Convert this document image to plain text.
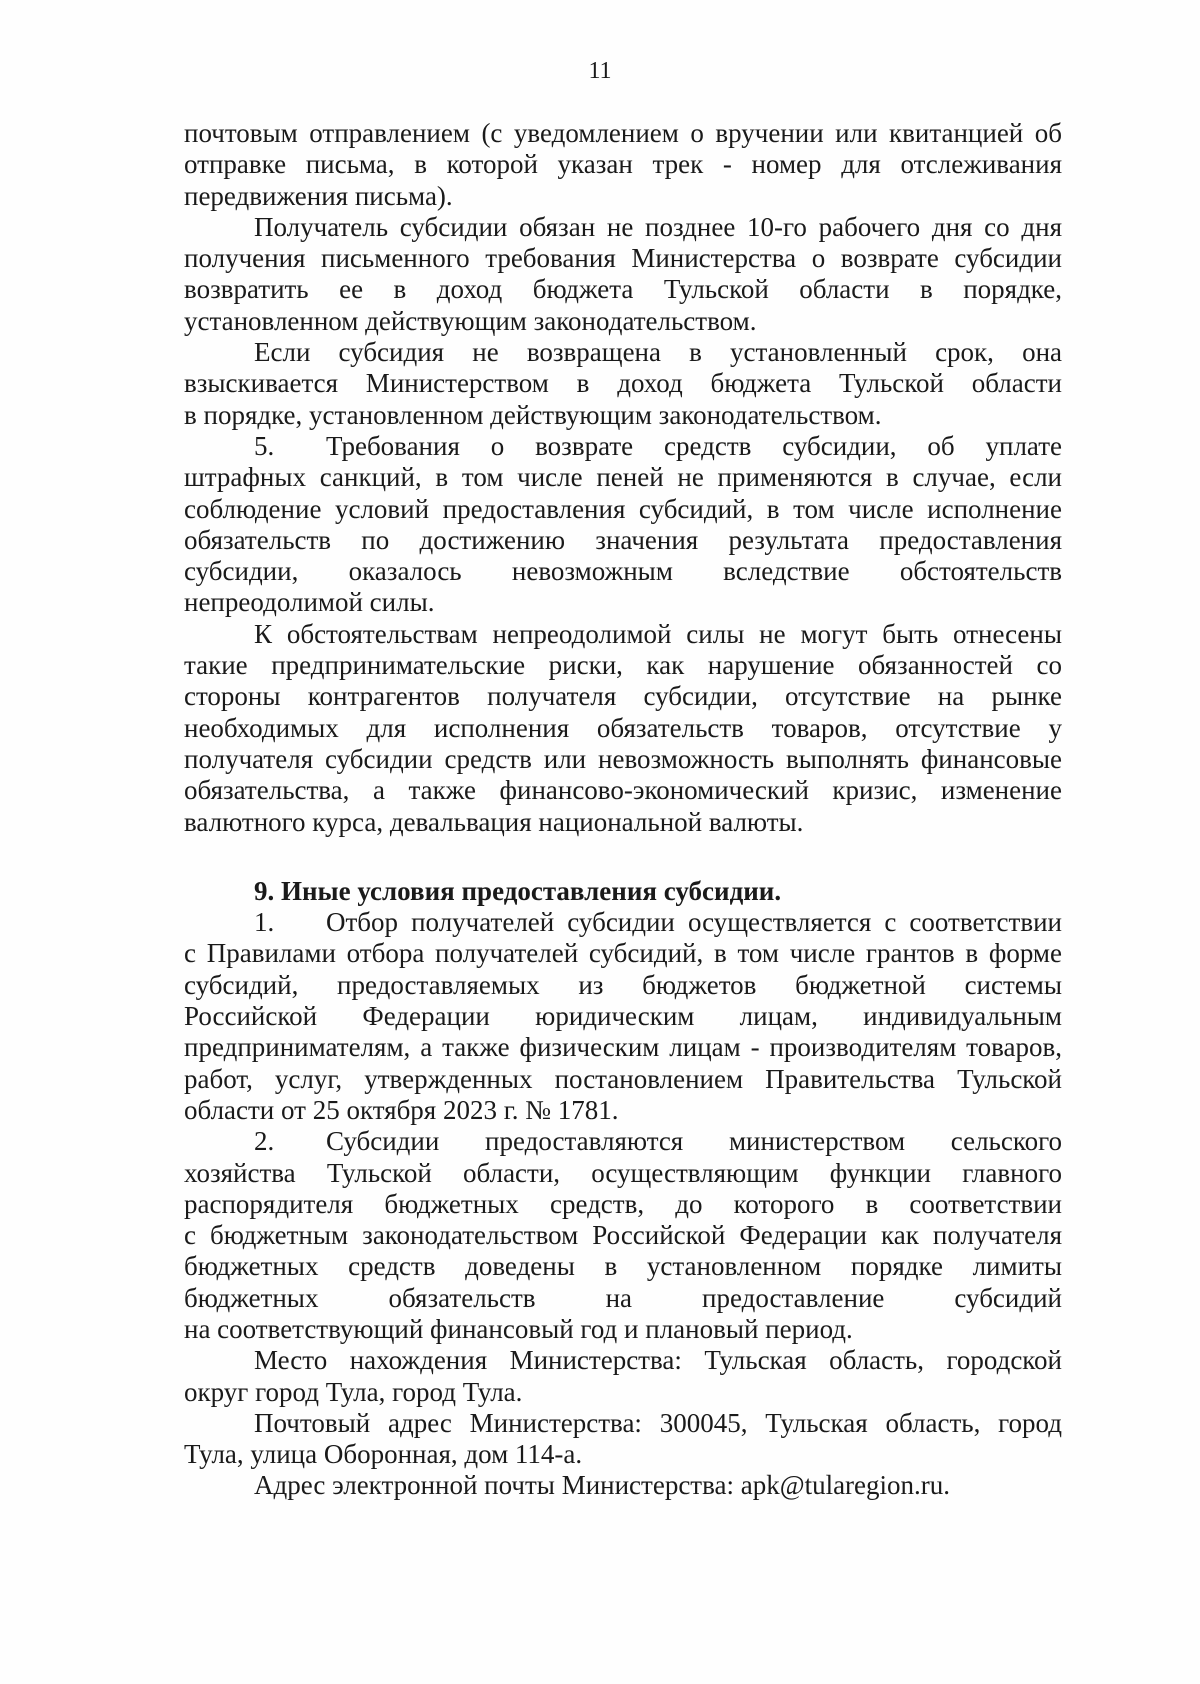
11
почтовым отправлением (с уведомлением о вручении или квитанцией об
отправке письма, в которой указан трек - номер для отслеживания
передвижения письма).
Получатель субсидии обязан не позднее 10-го рабочего дня со дня
получения письменного требования Министерства о возврате субсидии
возвратить ее в доход бюджета Тульской области в порядке,
установленном действующим законодательством.
Если субсидия не возвращена в установленный срок, она
взыскивается Министерством в доход бюджета Тульской области
в порядке, установленном действующим законодательством.
5. Требования о возврате средств субсидии, об уплате
штрафных санкций, в том числе пеней не применяются в случае, если
соблюдение условий предоставления субсидий, в том числе исполнение
обязательств по достижению значения результата предоставления
субсидии, оказалось невозможным вследствие обстоятельств
непреодолимой силы.
К обстоятельствам непреодолимой силы не могут быть отнесены
такие предпринимательские риски, как нарушение обязанностей со
стороны контрагентов получателя субсидии, отсутствие на рынке
необходимых для исполнения обязательств товаров, отсутствие у
получателя субсидии средств или невозможность выполнять финансовые
обязательства, а также финансово-экономический кризис, изменение
валютного курса, девальвация национальной валюты.
9. Иные условия предоставления субсидии.
1. Отбор получателей субсидии осуществляется с соответствии
с Правилами отбора получателей субсидий, в том числе грантов в форме
субсидий, предоставляемых из бюджетов бюджетной системы
Российской Федерации юридическим лицам, индивидуальным
предпринимателям, а также физическим лицам - производителям товаров,
работ, услуг, утвержденных постановлением Правительства Тульской
области от 25 октября 2023 г. № 1781.
2. Субсидии предоставляются министерством сельского
хозяйства Тульской области, осуществляющим функции главного
распорядителя бюджетных средств, до которого в соответствии
с бюджетным законодательством Российской Федерации как получателя
бюджетных средств доведены в установленном порядке лимиты
бюджетных обязательств на предоставление субсидий
на соответствующий финансовый год и плановый период.
Место нахождения Министерства: Тульская область, городской
округ город Тула, город Тула.
Почтовый адрес Министерства: 300045, Тульская область, город
Тула, улица Оборонная, дом 114-а.
Адрес электронной почты Министерства: apk@tularegion.ru.
